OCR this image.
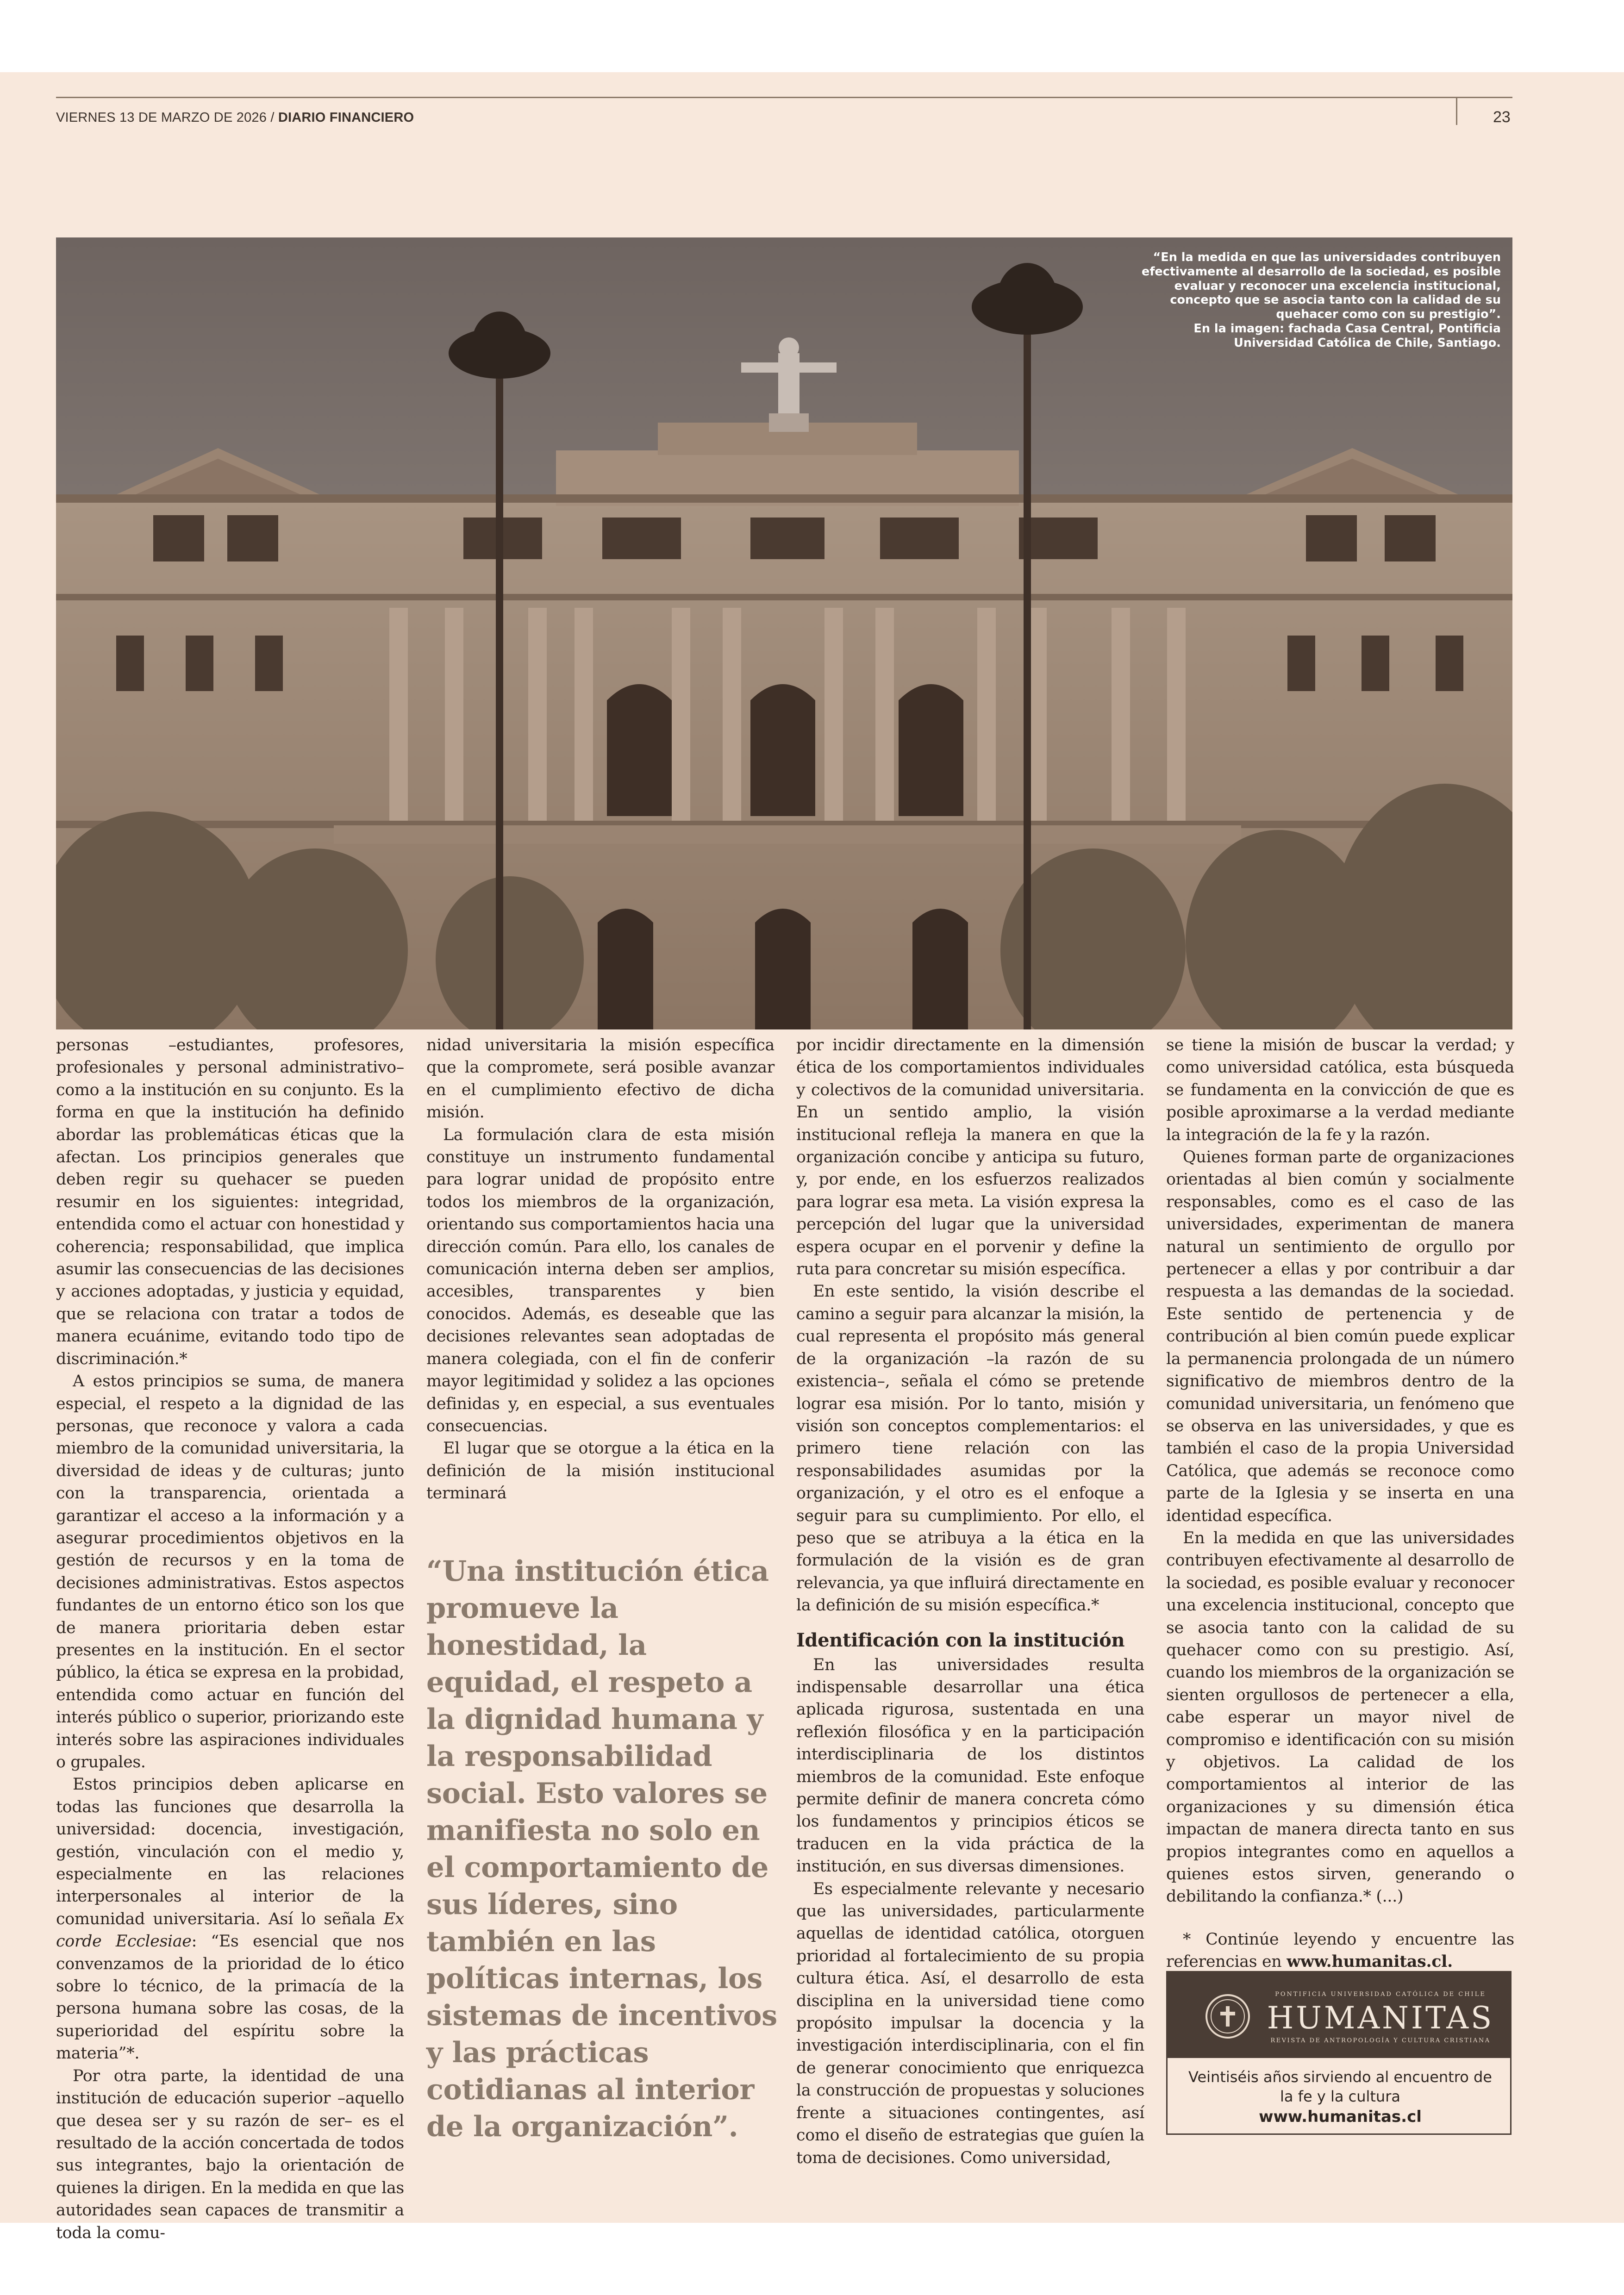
VIERNES 13 DE MARZO DE 2026 / DIARIO FINANCIERO	23
“En la medida en que las universidades contribuyen efectivamente al desarrollo de la sociedad, es posible evaluar y reconocer una excelencia institucional, concepto que se asocia tanto con la calidad de su quehacer como con su prestigio”.
En la imagen: fachada Casa Central, Pontificia Universidad Católica de Chile, Santiago.

personas –estudiantes, profesores, profesionales y personal administrativo– como a la institución en su conjunto. Es la forma en que la institución ha definido abordar las problemáticas éticas que la afectan. Los principios generales que deben regir su quehacer se pueden resumir en los siguientes: integridad, entendida como el actuar con honestidad y coherencia; responsabilidad, que implica asumir las consecuencias de las decisiones y acciones adoptadas, y justicia y equidad, que se relaciona con tratar a todos de manera ecuánime, evitando todo tipo de discriminación.*

A estos principios se suma, de manera especial, el respeto a la dignidad de las personas, que reconoce y valora a cada miembro de la comunidad universitaria, la diversidad de ideas y de culturas; junto con la transparencia, orientada a garantizar el acceso a la información y a asegurar procedimientos objetivos en la gestión de recursos y en la toma de decisiones administrativas. Estos aspectos fundantes de un entorno ético son los que de manera prioritaria deben estar presentes en la institución. En el sector público, la ética se expresa en la probidad, entendida como actuar en función del interés público o superior, priorizando este interés sobre las aspiraciones individuales o grupales.

Estos principios deben aplicarse en todas las funciones que desarrolla la universidad: docencia, investigación, gestión, vinculación con el medio y, especialmente en las relaciones interpersonales al interior de la comunidad universitaria. Así lo señala Ex corde Ecclesiae: “Es esencial que nos convenzamos de la prioridad de lo ético sobre lo técnico, de la primacía de la persona humana sobre las cosas, de la superioridad del espíritu sobre la materia”*.

Por otra parte, la identidad de una institución de educación superior –aquello que desea ser y su razón de ser– es el resultado de la acción concertada de todos sus integrantes, bajo la orientación de quienes la dirigen. En la medida en que las autoridades sean capaces de transmitir a toda la comu-

nidad universitaria la misión específica que la compromete, será posible avanzar en el cumplimiento efectivo de dicha misión.

La formulación clara de esta misión constituye un instrumento fundamental para lograr unidad de propósito entre todos los miembros de la organización, orientando sus comportamientos hacia una dirección común. Para ello, los canales de comunicación interna deben ser amplios, accesibles, transparentes y bien conocidos. Además, es deseable que las decisiones relevantes sean adoptadas de manera colegiada, con el fin de conferir mayor legitimidad y solidez a las opciones definidas y, en especial, a sus eventuales consecuencias.

El lugar que se otorgue a la ética en la definición de la misión institucional terminará

“Una institución ética promueve la honestidad, la equidad, el respeto a la dignidad humana y la responsabilidad social. Esto valores se manifiesta no solo en el comportamiento de sus líderes, sino también en las políticas internas, los sistemas de incentivos y las prácticas cotidianas al interior de la organización”.

por incidir directamente en la dimensión ética de los comportamientos individuales y colectivos de la comunidad universitaria. En un sentido amplio, la visión institucional refleja la manera en que la organización concibe y anticipa su futuro, y, por ende, en los esfuerzos realizados para lograr esa meta. La visión expresa la percepción del lugar que la universidad espera ocupar en el porvenir y define la ruta para concretar su misión específica.

En este sentido, la visión describe el camino a seguir para alcanzar la misión, la cual representa el propósito más general de la organización –la razón de su existencia–, señala el cómo se pretende lograr esa misión. Por lo tanto, misión y visión son conceptos complementarios: el primero tiene relación con las responsabilidades asumidas por la organización, y el otro es el enfoque a seguir para su cumplimiento. Por ello, el peso que se atribuya a la ética en la formulación de la visión es de gran relevancia, ya que influirá directamente en la definición de su misión específica.*

Identificación con la institución

En las universidades resulta indispensable desarrollar una ética aplicada rigurosa, sustentada en una reflexión filosófica y en la participación interdisciplinaria de los distintos miembros de la comunidad. Este enfoque permite definir de manera concreta cómo los fundamentos y principios éticos se traducen en la vida práctica de la institución, en sus diversas dimensiones.

Es especialmente relevante y necesario que las universidades, particularmente aquellas de identidad católica, otorguen prioridad al fortalecimiento de su propia cultura ética. Así, el desarrollo de esta disciplina en la universidad tiene como propósito impulsar la docencia y la investigación interdisciplinaria, con el fin de generar conocimiento que enriquezca la construcción de propuestas y soluciones frente a situaciones contingentes, así como el diseño de estrategias que guíen la toma de decisiones. Como universidad,

se tiene la misión de buscar la verdad; y como universidad católica, esta búsqueda se fundamenta en la convicción de que es posible aproximarse a la verdad mediante la integración de la fe y la razón.

Quienes forman parte de organizaciones orientadas al bien común y socialmente responsables, como es el caso de las universidades, experimentan de manera natural un sentimiento de orgullo por pertenecer a ellas y por contribuir a dar respuesta a las demandas de la sociedad. Este sentido de pertenencia y de contribución al bien común puede explicar la permanencia prolongada de un número significativo de miembros dentro de la comunidad universitaria, un fenómeno que se observa en las universidades, y que es también el caso de la propia Universidad Católica, que además se reconoce como parte de la Iglesia y se inserta en una identidad específica.

En la medida en que las universidades contribuyen efectivamente al desarrollo de la sociedad, es posible evaluar y reconocer una excelencia institucional, concepto que se asocia tanto con la calidad de su quehacer como con su prestigio. Así, cuando los miembros de la organización se sienten orgullosos de pertenecer a ella, cabe esperar un mayor nivel de compromiso e identificación con su misión y objetivos. La calidad de los comportamientos al interior de las organizaciones y su dimensión ética impactan de manera directa tanto en sus propios integrantes como en aquellos a quienes estos sirven, generando o debilitando la confianza.* (...)

* Continúe leyendo y encuentre las referencias en www.humanitas.cl.

PONTIFICIA UNIVERSIDAD CATÓLICA DE CHILE
HUMANITAS
REVISTA DE ANTROPOLOGÍA Y CULTURA CRISTIANA
Veintiséis años sirviendo al encuentro de la fe y la cultura
www.humanitas.cl
